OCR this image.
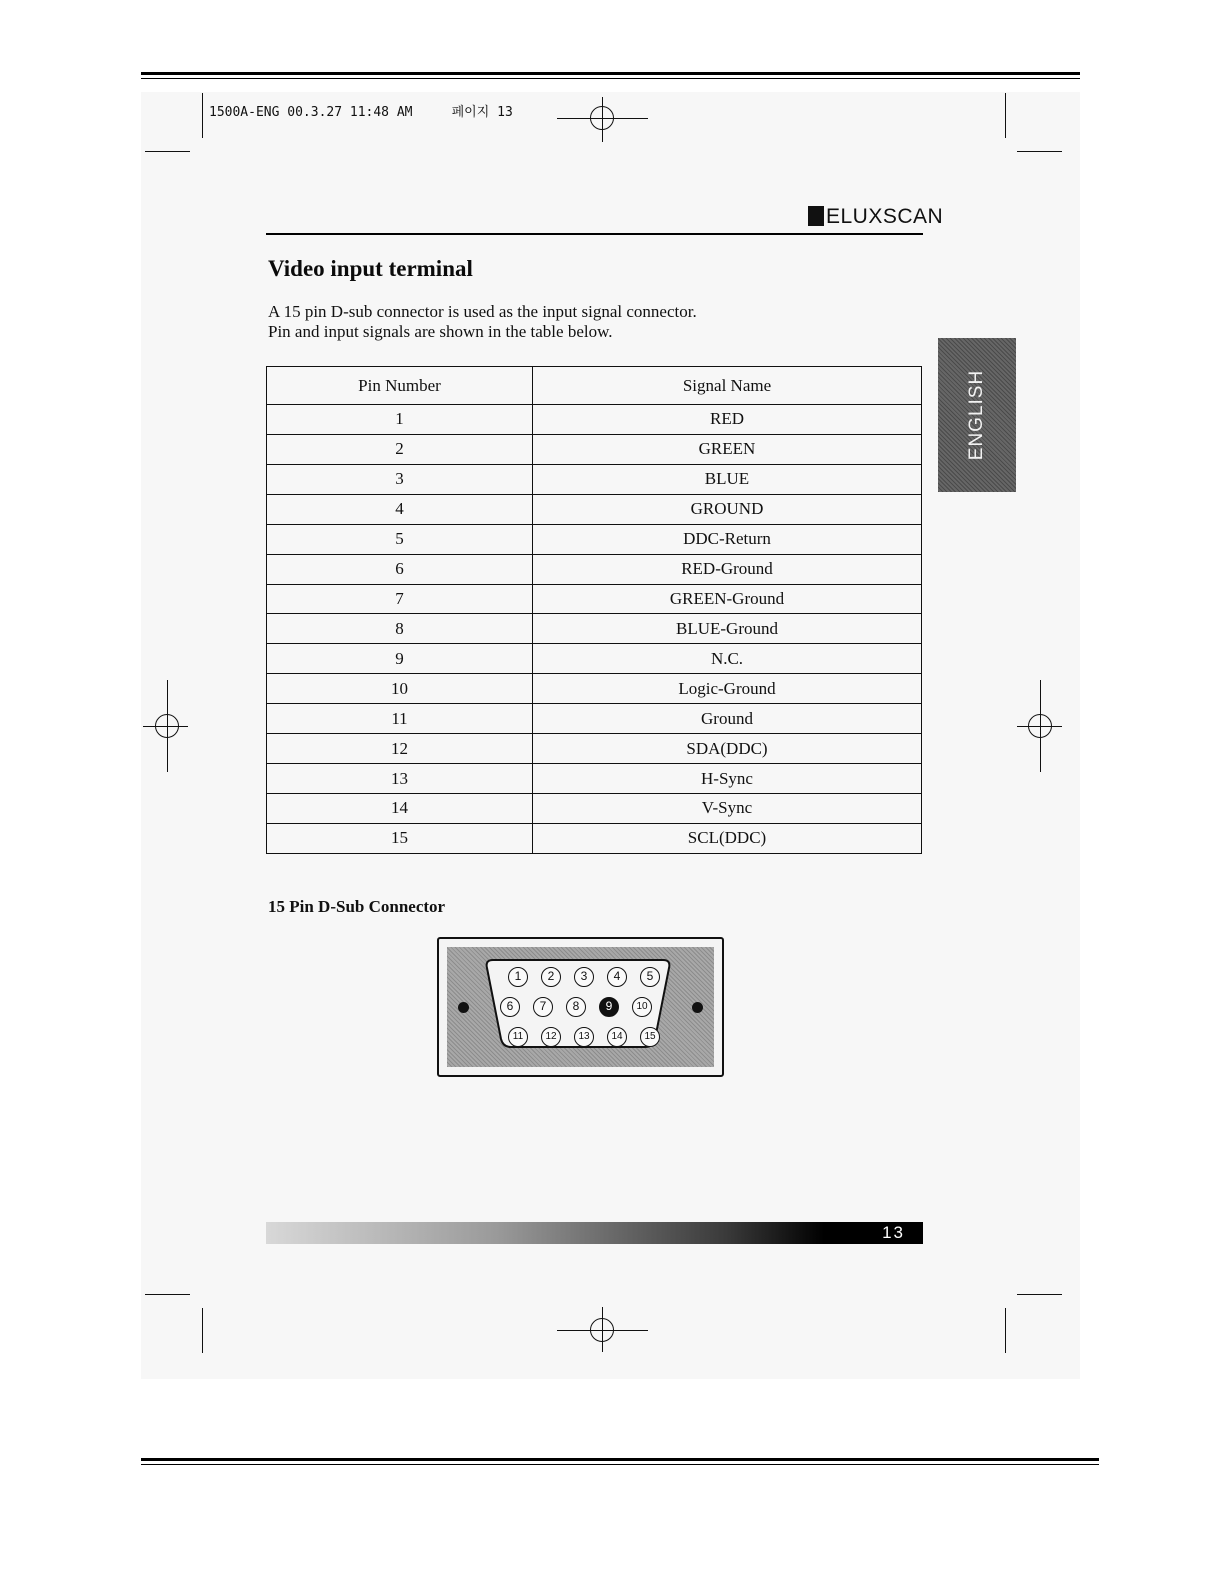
1500A-ENG 00.3.27 11:48 AM     페이지 13
ELUXSCAN
ENGLISH
Video input terminal
A 15 pin D-sub connector is used as the input signal connector.
Pin and input signals are shown in the table below.
Pin Number	Signal Name
1	RED
2	GREEN
3	BLUE
4	GROUND
5	DDC-Return
6	RED-Ground
7	GREEN-Ground
8	BLUE-Ground
9	N.C.
10	Logic-Ground
11	Ground
12	SDA(DDC)
13	H-Sync
14	V-Sync
15	SCL(DDC)
15 Pin D-Sub Connector
1	2	3	4	5
6	7	8	9	10
11	12	13	14	15
13
